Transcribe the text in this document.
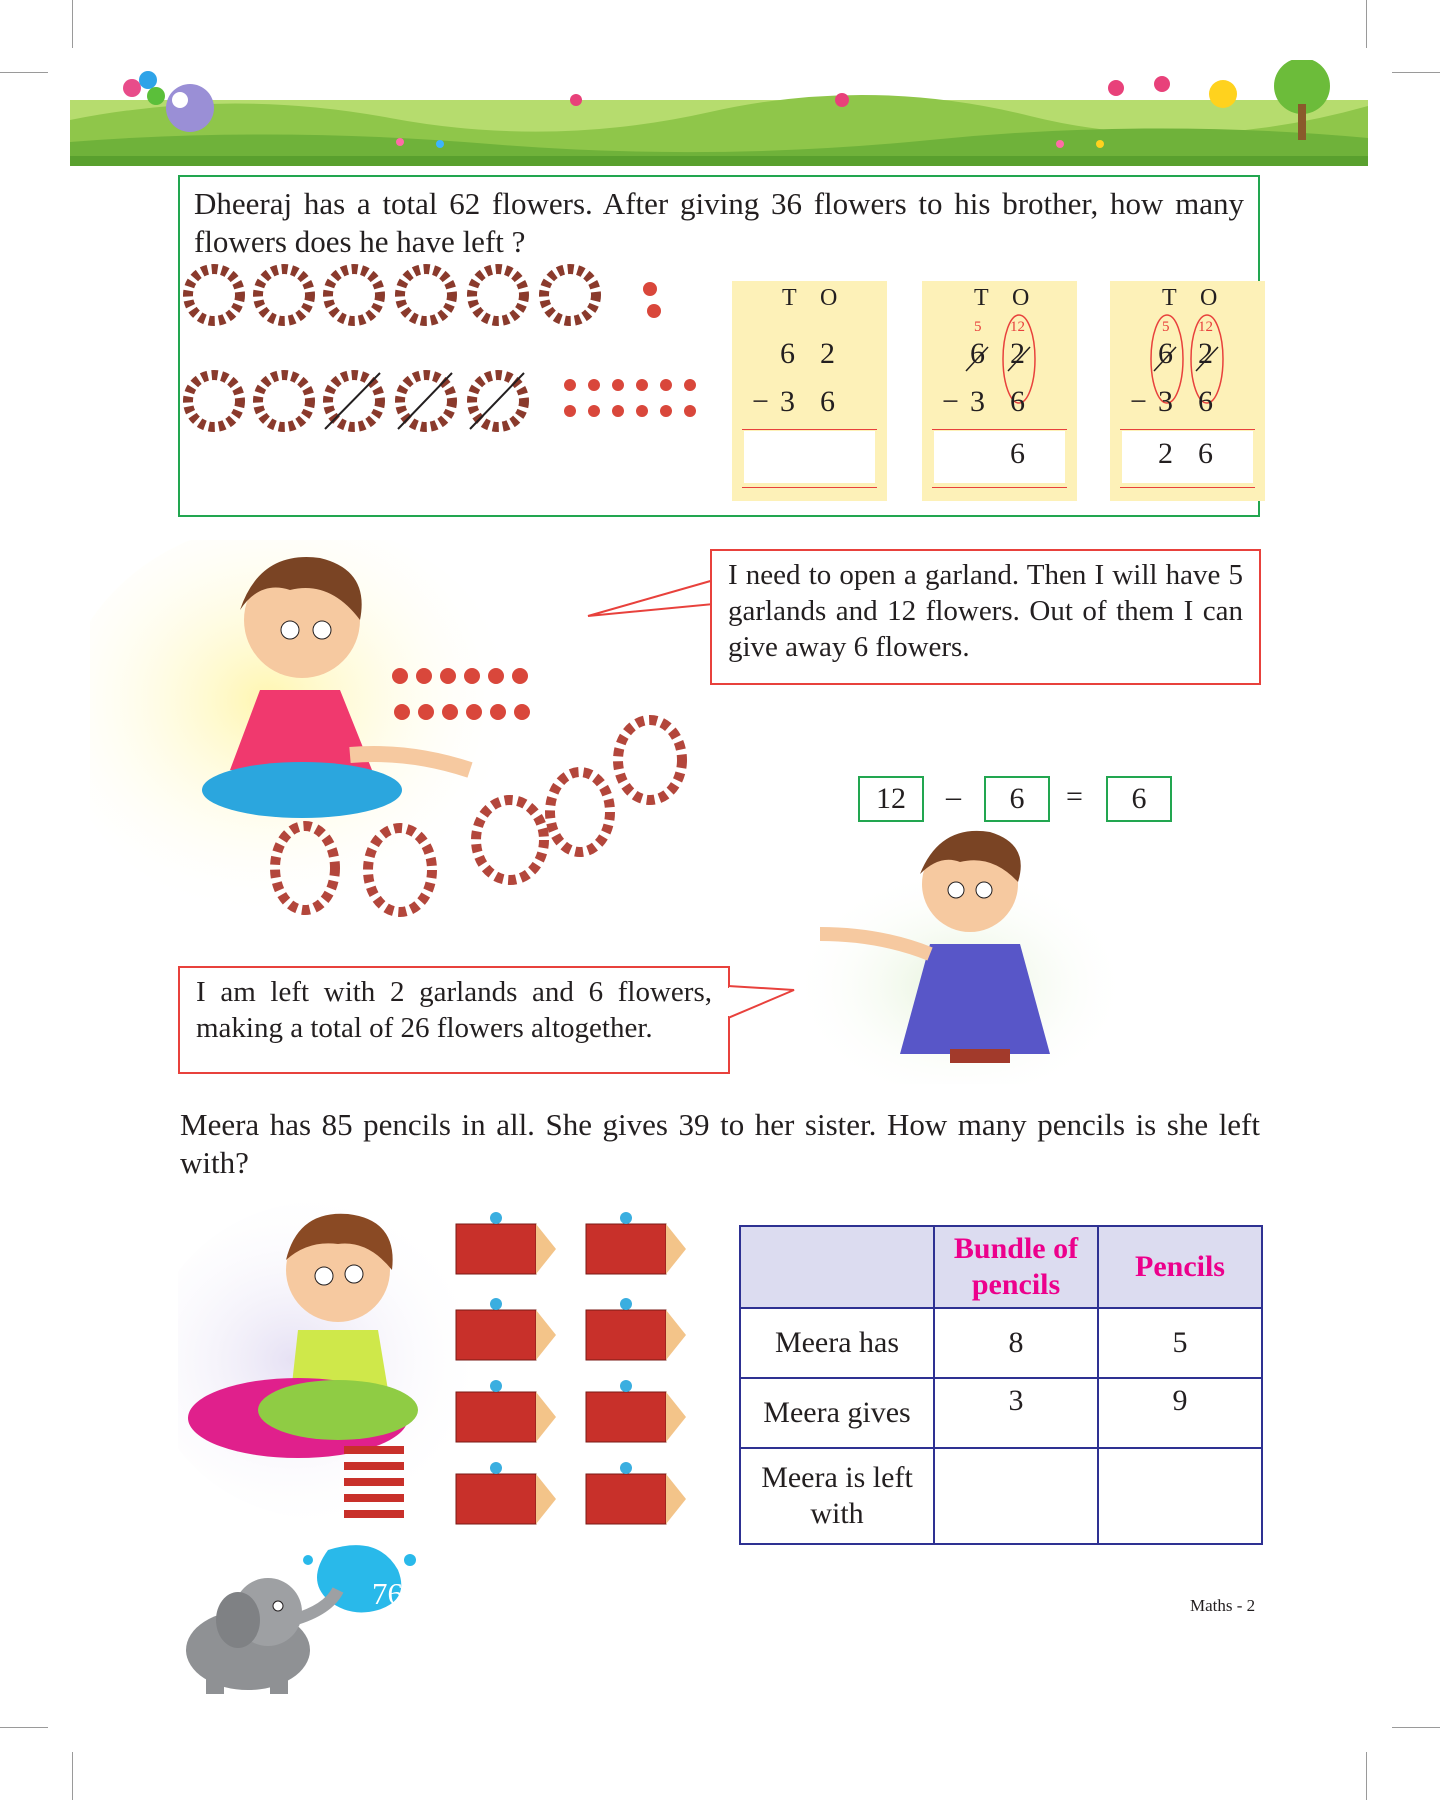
Dheeraj has a total 62 flowers. After giving 36 flowers to his brother, how many flowers does he have left ?
T O
6 2
− 3 6
T O
5 12
6 2
− 3 6
6
T O
5 12
6 2
− 3 6
2 6
I need to open a garland. Then I will have 5 garlands and 12 flowers. Out of them I can give away 6 flowers.
12	–	6	=	6
I am left with 2 garlands and 6 flowers, making a total of 26 flowers altogether.
Meera has 85 pencils in all. She gives 39 to her sister. How many pencils is she left with?
	Bundle of pencils	Pencils
Meera has	8	5
Meera gives	3	9
Meera is left with		
76	Maths - 2
